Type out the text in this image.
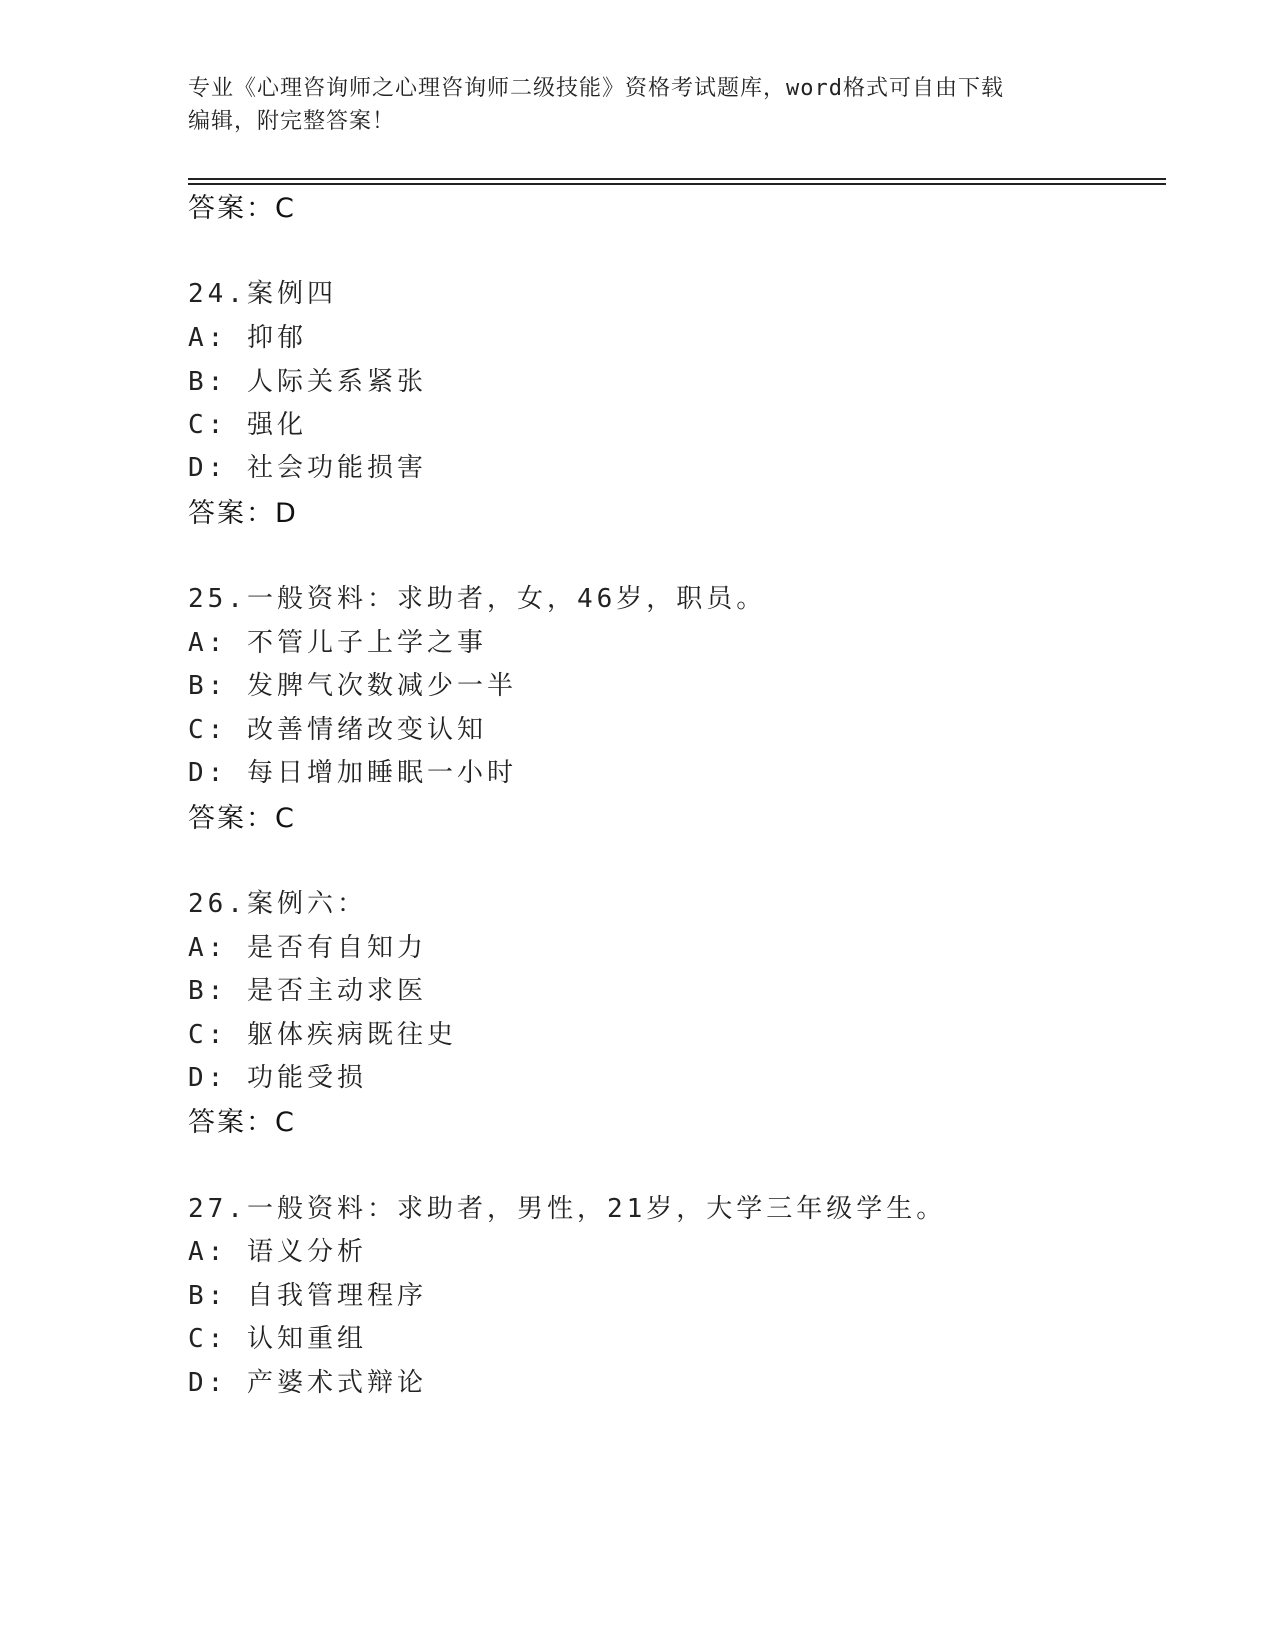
专业《心理咨询师之心理咨询师二级技能》资格考试题库，word格式可自由下载
编辑，附完整答案！
答案：C
24.案例四
A: 抑郁
B: 人际关系紧张
C: 强化
D: 社会功能损害
答案：D
25.一般资料：求助者，女，46岁，职员。
A: 不管儿子上学之事
B: 发脾气次数减少一半
C: 改善情绪改变认知
D: 每日增加睡眠一小时
答案：C
26.案例六：
A: 是否有自知力
B: 是否主动求医
C: 躯体疾病既往史
D: 功能受损
答案：C
27.一般资料：求助者，男性，21岁，大学三年级学生。
A: 语义分析
B: 自我管理程序
C: 认知重组
D: 产婆术式辩论
